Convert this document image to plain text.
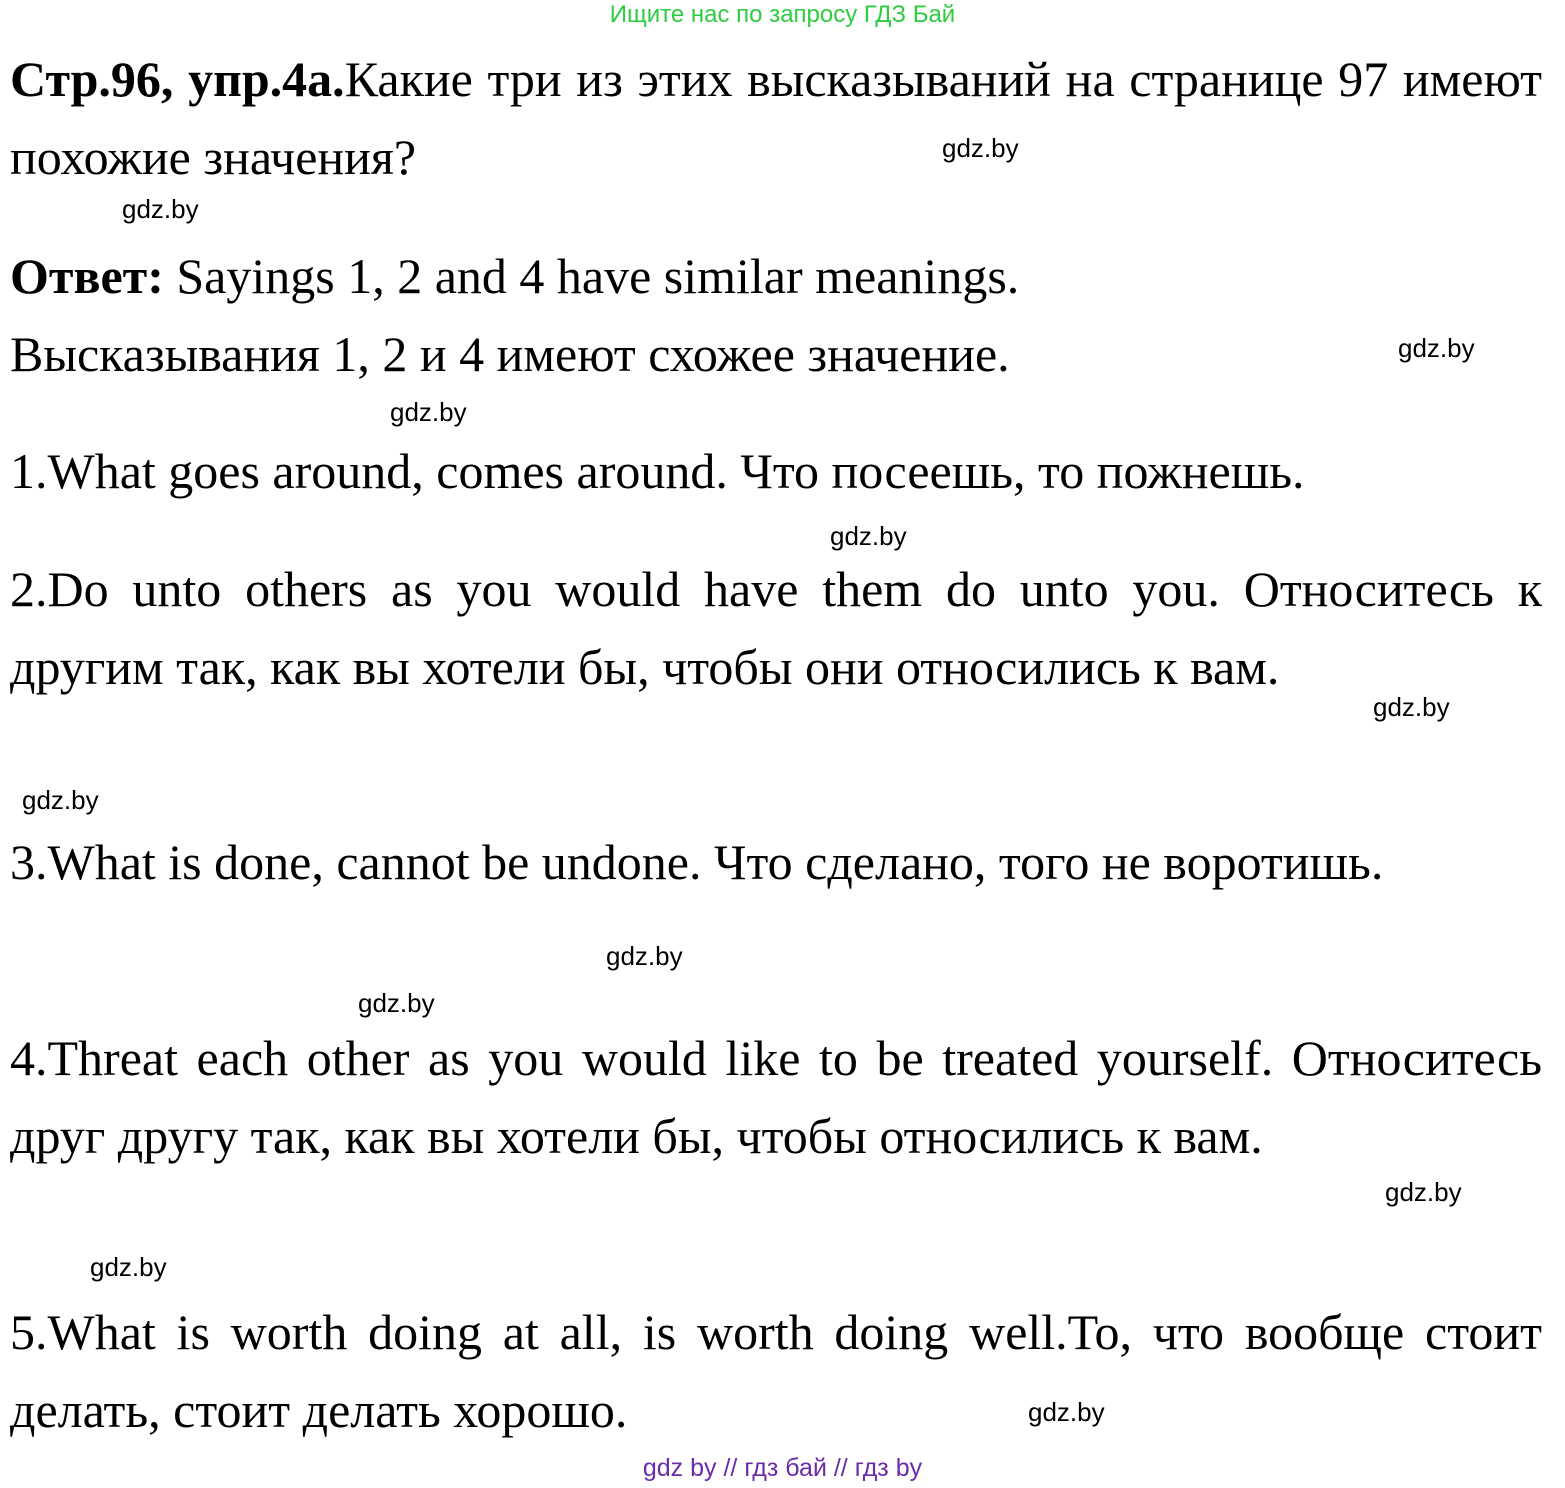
Ищите нас по запросу ГДЗ Бай

Стр.96, упр.4а.Какие три из этих высказываний на странице 97 имеют похожие значения?

Ответ: Sayings 1, 2 and 4 have similar meanings.
Высказывания 1, 2 и 4 имеют схожее значение.

1.What goes around, comes around. Что посеешь, то пожнешь.

2.Do unto others as you would have them do unto you. Относитесь к другим так, как вы хотели бы, чтобы они относились к вам.

3.What is done, cannot be undone. Что сделано, того не воротишь.

4.Threat each other as you would like to be treated yourself. Относитесь друг другу так, как вы хотели бы, чтобы относились к вам.

5.What is worth doing at all, is worth doing well.То, что вообще стоит делать, стоит делать хорошо.

gdz.by
gdz.by
gdz.by
gdz.by
gdz.by
gdz.by
gdz.by
gdz.by
gdz.by
gdz.by
gdz.by
gdz.by
gdz by // гдз бай // гдз by
